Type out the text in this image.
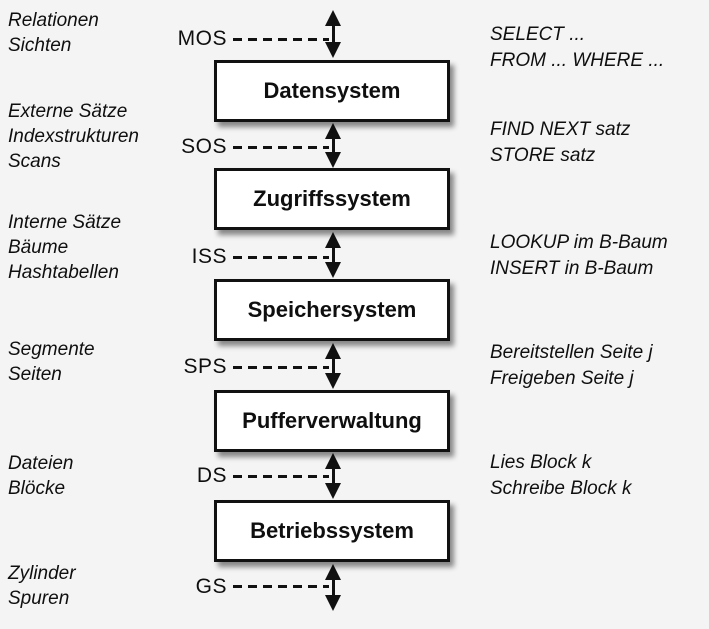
Relationen
Sichten
Externe Sätze
Indexstrukturen
Scans
Interne Sätze
Bäume
Hashtabellen
Segmente
Seiten
Dateien
Blöcke
Zylinder
Spuren
MOS
SOS
ISS
SPS
DS
GS
Datensystem
Zugriffssystem
Speichersystem
Pufferverwaltung
Betriebssystem
SELECT ...
FROM ... WHERE ...
FIND NEXT satz
STORE satz
LOOKUP im B-Baum
INSERT in B-Baum
Bereitstellen Seite j
Freigeben Seite j
Lies Block k
Schreibe Block k
